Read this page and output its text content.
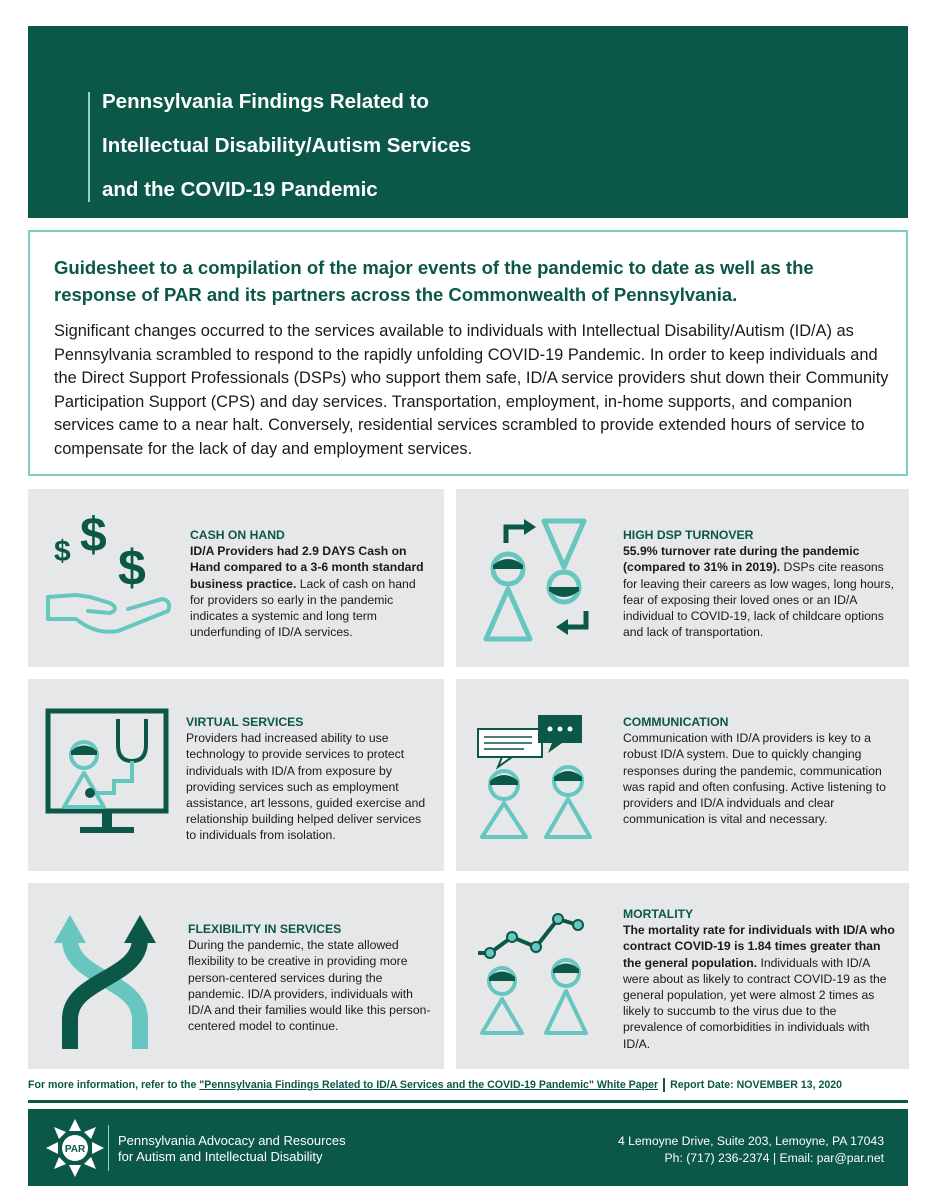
Pennsylvania Findings Related to
Intellectual Disability/Autism Services
and the COVID-19 Pandemic
Guidesheet to a compilation of the major events of the pandemic to date as well as the response of PAR and its partners across the Commonwealth of Pennsylvania.

Significant changes occurred to the services available to individuals with Intellectual Disability/Autism (ID/A) as Pennsylvania scrambled to respond to the rapidly unfolding COVID-19 Pandemic. In order to keep individuals and the Direct Support Professionals (DSPs) who support them safe, ID/A service providers shut down their Community Participation Support (CPS) and day services. Transportation, employment, in-home supports, and companion services came to a near halt. Conversely, residential services scrambled to provide extended hours of service to compensate for the lack of day and employment services.

$ $
$
CASH ON HAND
ID/A Providers had 2.9 DAYS Cash on Hand compared to a 3-6 month standard business practice. Lack of cash on hand for providers so early in the pandemic indicates a systemic and long term underfunding of ID/A services.
HIGH DSP TURNOVER
55.9% turnover rate during the pandemic (compared to 31% in 2019). DSPs cite reasons for leaving their careers as low wages, long hours, fear of exposing their loved ones or an ID/A individual to COVID-19, lack of childcare options and lack of transportation.
VIRTUAL SERVICES
Providers had increased ability to use technology to provide services to protect individuals with ID/A from exposure by providing services such as employment assistance, art lessons, guided exercise and relationship building helped deliver services to individuals from isolation.
COMMUNICATION
Communication with ID/A providers is key to a robust ID/A system. Due to quickly changing responses during the pandemic, communication was rapid and often confusing. Active listening to providers and ID/A indviduals and clear communication is vital and necessary.
FLEXIBILITY IN SERVICES
During the pandemic, the state allowed flexibility to be creative in providing more person-centered services during the pandemic. ID/A providers, individuals with ID/A and their families would like this person-centered model to continue.
MORTALITY
The mortality rate for individuals with ID/A who contract COVID-19 is 1.84 times greater than the general population. Individuals with ID/A were about as likely to contract COVID-19 as the general population, yet were almost 2 times as likely to succumb to the virus due to the prevalence of comorbidities in individuals with ID/A.
For more information, refer to the "Pennsylvania Findings Related to ID/A Services and the COVID-19 Pandemic" White Paper Report Date: NOVEMBER 13, 2020
PAR
Pennsylvania Advocacy and Resources
for Autism and Intellectual Disability
4 Lemoyne Drive, Suite 203, Lemoyne, PA 17043
Ph: (717) 236-2374 | Email: par@par.net
